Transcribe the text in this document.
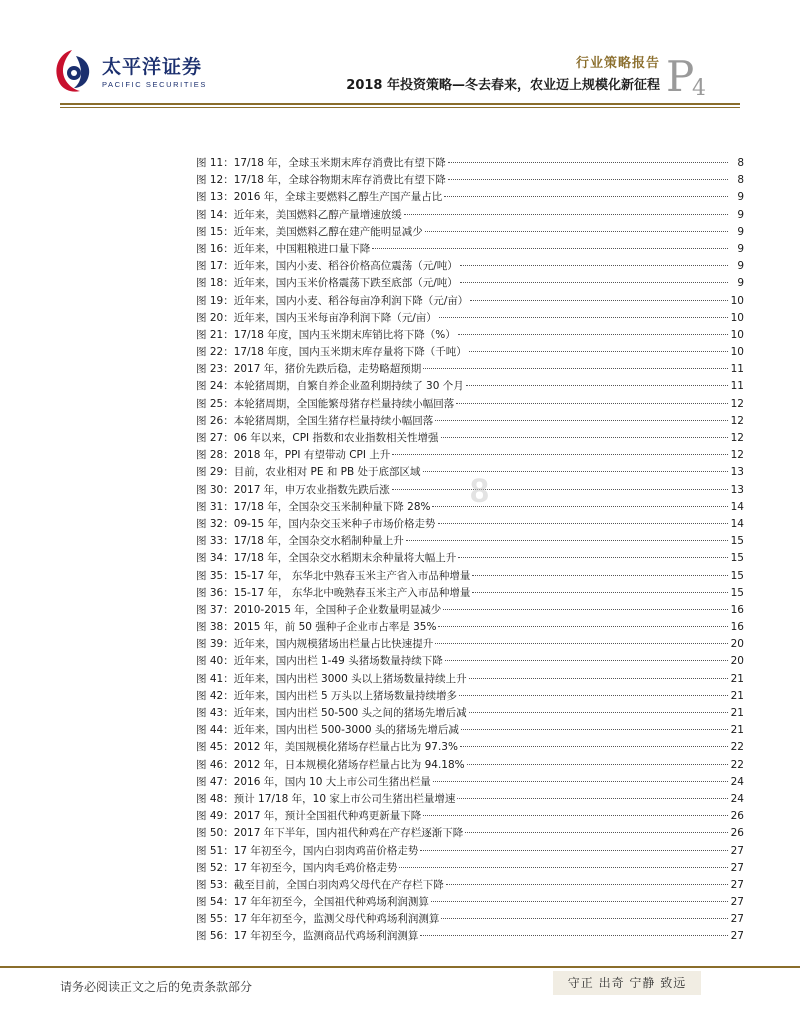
太平洋证券
PACIFIC SECURITIES
行业策略报告
2018 年投资策略—冬去春来，农业迈上规模化新征程 P
4
图 11：17/18 年，全球玉米期末库存消费比有望下降	8
图 12：17/18 年，全球谷物期末库存消费比有望下降	8
图 13：2016 年，全球主要燃料乙醇生产国产量占比	9
图 14：近年来，美国燃料乙醇产量增速放缓	9
图 15：近年来，美国燃料乙醇在建产能明显减少	9
图 16：近年来，中国粗粮进口量下降	9
图 17：近年来，国内小麦、稻谷价格高位震荡（元/吨）	9
图 18：近年来，国内玉米价格震荡下跌至底部（元/吨）	9
图 19：近年来，国内小麦、稻谷每亩净利润下降（元/亩）	10
图 20：近年来，国内玉米每亩净利润下降（元/亩）	10
图 21：17/18 年度，国内玉米期末库销比将下降（%）	10
图 22：17/18 年度，国内玉米期末库存量将下降（千吨）	10
图 23：2017 年，猪价先跌后稳，走势略超预期	11
图 24：本轮猪周期，自繁自养企业盈利期持续了 30 个月	11
图 25：本轮猪周期，全国能繁母猪存栏量持续小幅回落	12
图 26：本轮猪周期，全国生猪存栏量持续小幅回落	12
图 27：06 年以来，CPI 指数和农业指数相关性增强	12
图 28：2018 年，PPI 有望带动 CPI 上升	12
图 29：目前，农业相对 PE 和 PB 处于底部区域	13
图 30：2017 年，申万农业指数先跌后涨	13
图 31：17/18 年，全国杂交玉米制种量下降 28%	14
图 32：09-15 年，国内杂交玉米种子市场价格走势	14
图 33：17/18 年，全国杂交水稻制种量上升	15
图 34：17/18 年，全国杂交水稻期末余种量将大幅上升	15
图 35：15-17 年， 东华北中熟春玉米主产省入市品种增量	15
图 36：15-17 年， 东华北中晚熟春玉米主产入市品种增量	15
图 37：2010-2015 年，全国种子企业数量明显减少	16
图 38：2015 年，前 50 强种子企业市占率是 35%	16
图 39：近年来，国内规模猪场出栏量占比快速提升	20
图 40：近年来，国内出栏 1-49 头猪场数量持续下降	20
图 41：近年来，国内出栏 3000 头以上猪场数量持续上升	21
图 42：近年来，国内出栏 5 万头以上猪场数量持续增多	21
图 43：近年来，国内出栏 50-500 头之间的猪场先增后减	21
图 44：近年来，国内出栏 500-3000 头的猪场先增后减	21
图 45：2012 年，美国规模化猪场存栏量占比为 97.3%	22
图 46：2012 年，日本规模化猪场存栏量占比为 94.18%	22
图 47：2016 年，国内 10 大上市公司生猪出栏量	24
图 48：预计 17/18 年，10 家上市公司生猪出栏量增速	24
图 49：2017 年，预计全国祖代种鸡更新量下降	26
图 50：2017 年下半年，国内祖代种鸡在产存栏逐渐下降	26
图 51：17 年初至今，国内白羽肉鸡苗价格走势	27
图 52：17 年初至今，国内肉毛鸡价格走势	27
图 53：截至目前，全国白羽肉鸡父母代在产存栏下降	27
图 54：17 年年初至今，全国祖代种鸡场利润测算	27
图 55：17 年年初至今，监测父母代种鸡场利润测算	27
图 56：17 年初至今，监测商品代鸡场利润测算	27
8
请务必阅读正文之后的免责条款部分	守正 出奇 宁静 致远
